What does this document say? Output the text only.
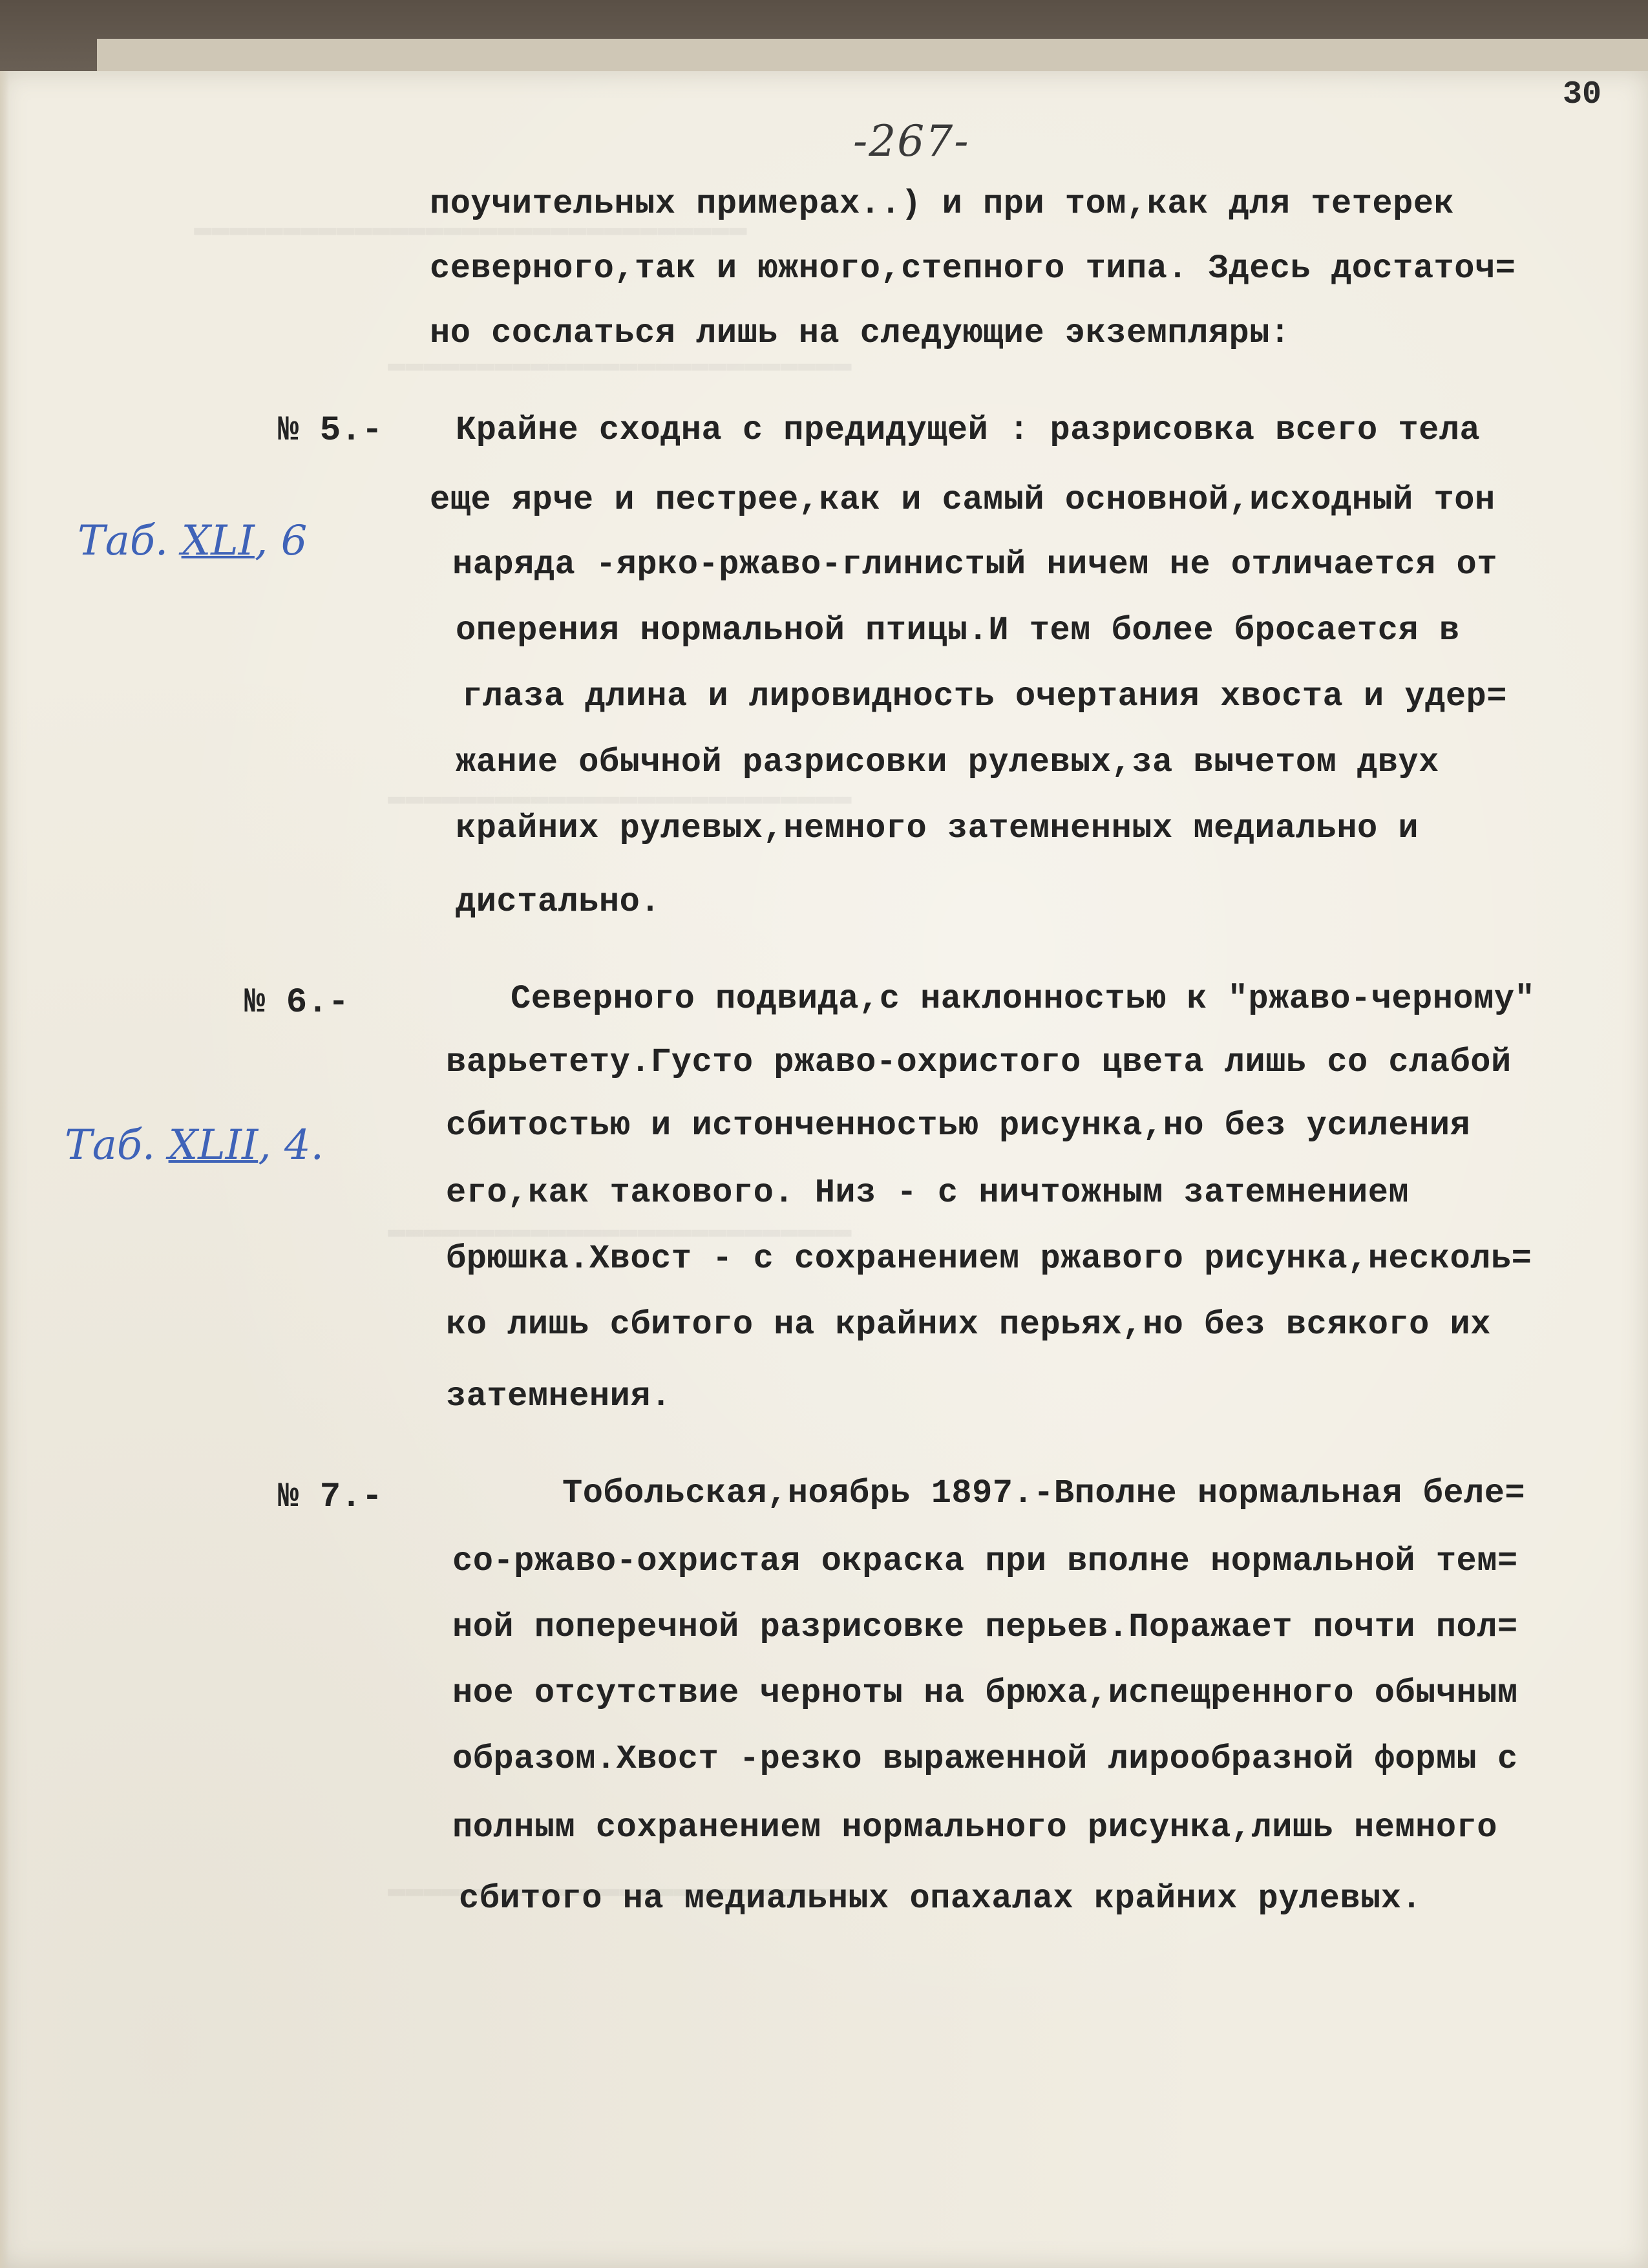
30
-267-
поучительных примерах..) и при том,как для тетерек
северного,так и южного,степного типа. Здесь достаточ=
но сослаться лишь на следующие экземпляры:
№ 5.-
Таб. XLI, 6
Крайне сходна с предидущей : разрисовка всего тела
еще ярче и пестрее,как и самый основной,исходный тон
наряда -ярко-ржаво-глинистый ничем не отличается от
оперения нормальной птицы.И тем более бросается в
глаза длина и лировидность очертания хвоста и удер=
жание обычной разрисовки рулевых,за вычетом двух
крайних рулевых,немного затемненных медиально и
дистально.
№ 6.-
Таб. XLII, 4.
Северного подвида,с наклонностью к "ржаво-черному"
варьетету.Густо ржаво-охристого цвета лишь со слабой
сбитостью и истонченностью рисунка,но без усиления
его,как такового. Низ - с ничтожным затемнением
брюшка.Хвост - с сохранением ржавого рисунка,несколь=
ко лишь сбитого на крайних перьях,но без всякого их
затемнения.
№ 7.-	Тобольская,ноябрь 1897.-Вполне нормальная беле=
со-ржаво-охристая окраска при вполне нормальной тем=
ной поперечной разрисовке перьев.Поражает почти пол=
ное отсутствие черноты на брюха,испещренного обычным
образом.Хвост -резко выраженной лирообразной формы с
полным сохранением нормального рисунка,лишь немного
сбитого на медиальных опахалах крайних рулевых.
